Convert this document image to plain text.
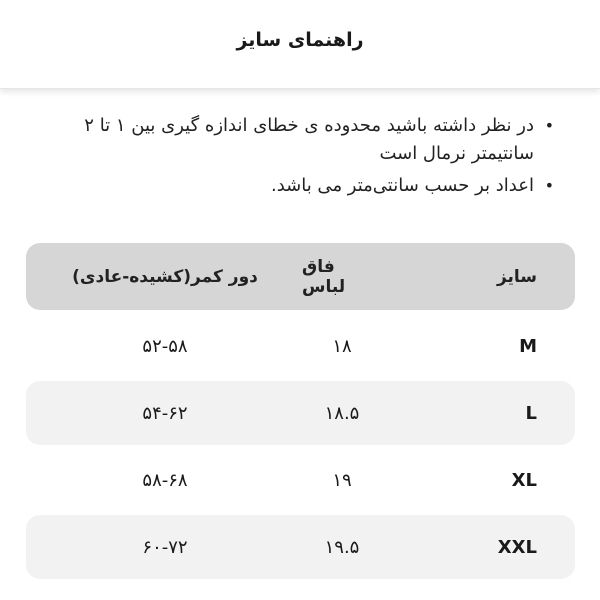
راهنمای سایز
• در نظر داشته باشید محدوده ی خطای اندازه گیری بین ۱ تا ۲ سانتیمتر نرمال است
• اعداد بر حسب سانتی‌متر می باشد.
سایز
فاق لباس
دور کمر(کشیده-عادی)
M
۱۸
۵۲-۵۸
L
۱۸.۵
۵۴-۶۲
XL
۱۹
۵۸-۶۸
XXL
۱۹.۵
۶۰-۷۲
